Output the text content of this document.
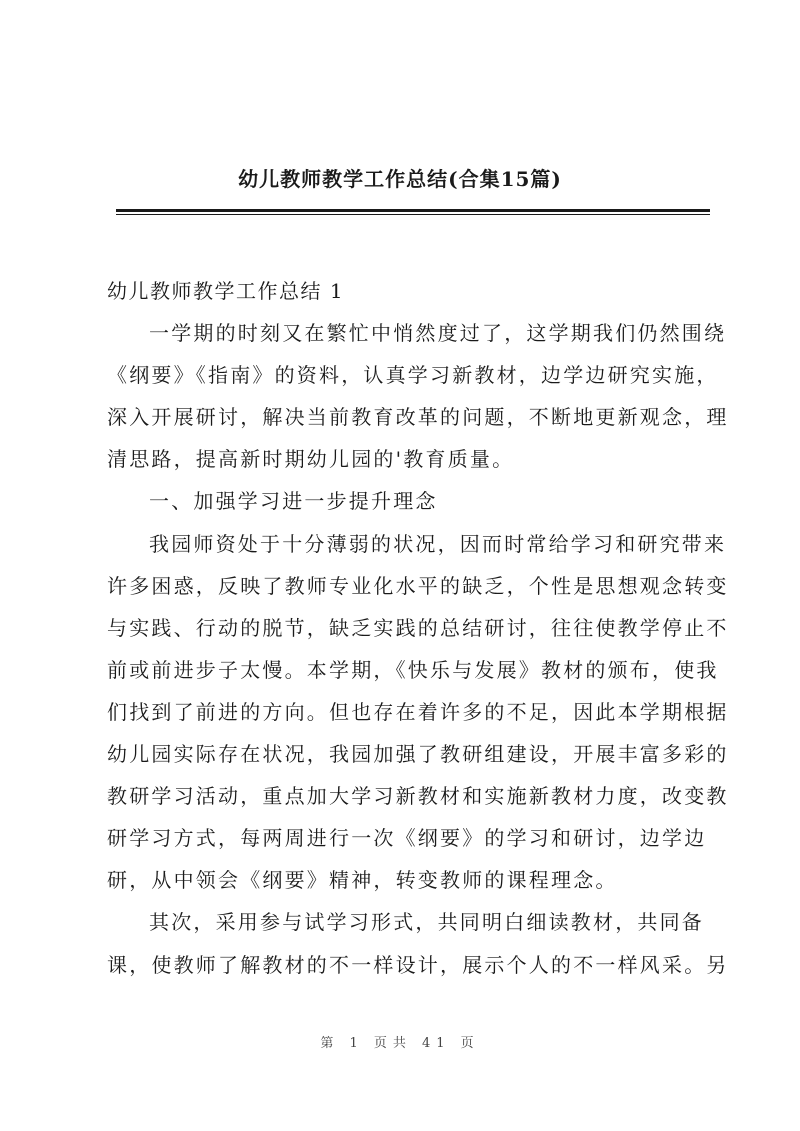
幼儿教师教学工作总结(合集15篇)
幼儿教师教学工作总结 1
一学期的时刻又在繁忙中悄然度过了，这学期我们仍然围绕
《纲要》《指南》的资料，认真学习新教材，边学边研究实施，
深入开展研讨，解决当前教育改革的问题，不断地更新观念，理
清思路，提高新时期幼儿园的'教育质量。
一、加强学习进一步提升理念
我园师资处于十分薄弱的状况，因而时常给学习和研究带来
许多困惑，反映了教师专业化水平的缺乏，个性是思想观念转变
与实践、行动的脱节，缺乏实践的总结研讨，往往使教学停止不
前或前进步子太慢。本学期，《快乐与发展》教材的颁布，使我
们找到了前进的方向。但也存在着许多的不足，因此本学期根据
幼儿园实际存在状况，我园加强了教研组建设，开展丰富多彩的
教研学习活动，重点加大学习新教材和实施新教材力度，改变教
研学习方式，每两周进行一次《纲要》的学习和研讨，边学边
研，从中领会《纲要》精神，转变教师的课程理念。
其次，采用参与试学习形式，共同明白细读教材，共同备
课，使教师了解教材的不一样设计，展示个人的不一样风采。另
第 1 页共 41 页
